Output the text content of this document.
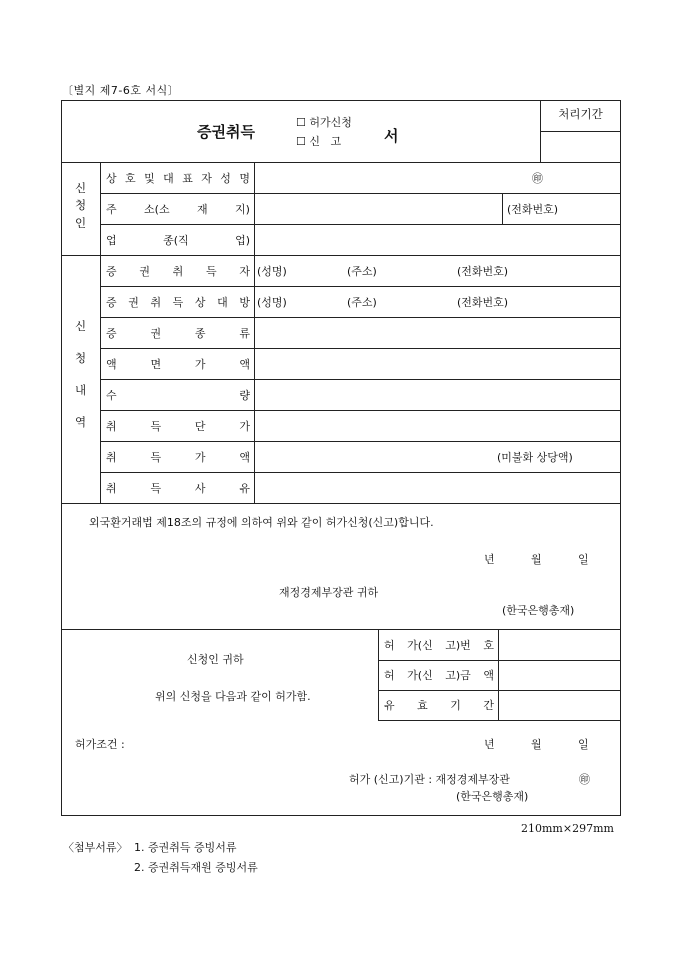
〔별지 제7-6호 서식〕
증권취득
☐ 허가신청
☐ 신   고	서
처리기간
신
청
인
상 호 및 대 표 자 성 명	㊞
주 소(소 재 지)	(전화번호)
업	종(직	업)
신
청
내
역
증 권 취 득 자 (성명)	(주소)	(전화번호)
증 권 취 득 상 대 방 (성명)	(주소)	(전화번호)
증	권	종	류
액	면	가	액
수	량
취	득	단	가
취	득	가	액	(미불화 상당액)
취	득	사	유
외국환거래법 제18조의 규정에 의하여 위와 같이 허가신청(신고)합니다.
년	월	일
재정경제부장관 귀하
(한국은행총재)
신청인 귀하
위의 신청을 다음과 같이 허가함.
허 가(신 고)번 호
허 가(신 고)금 액
유 효 기 간
허가조건 :	년	월	일
허가 (신고)기관 : 재정경제부장관
(한국은행총재)
㊞
210mm×297mm
〈첨부서류〉 1. 증권취득 증빙서류
2. 증권취득재원 증빙서류
